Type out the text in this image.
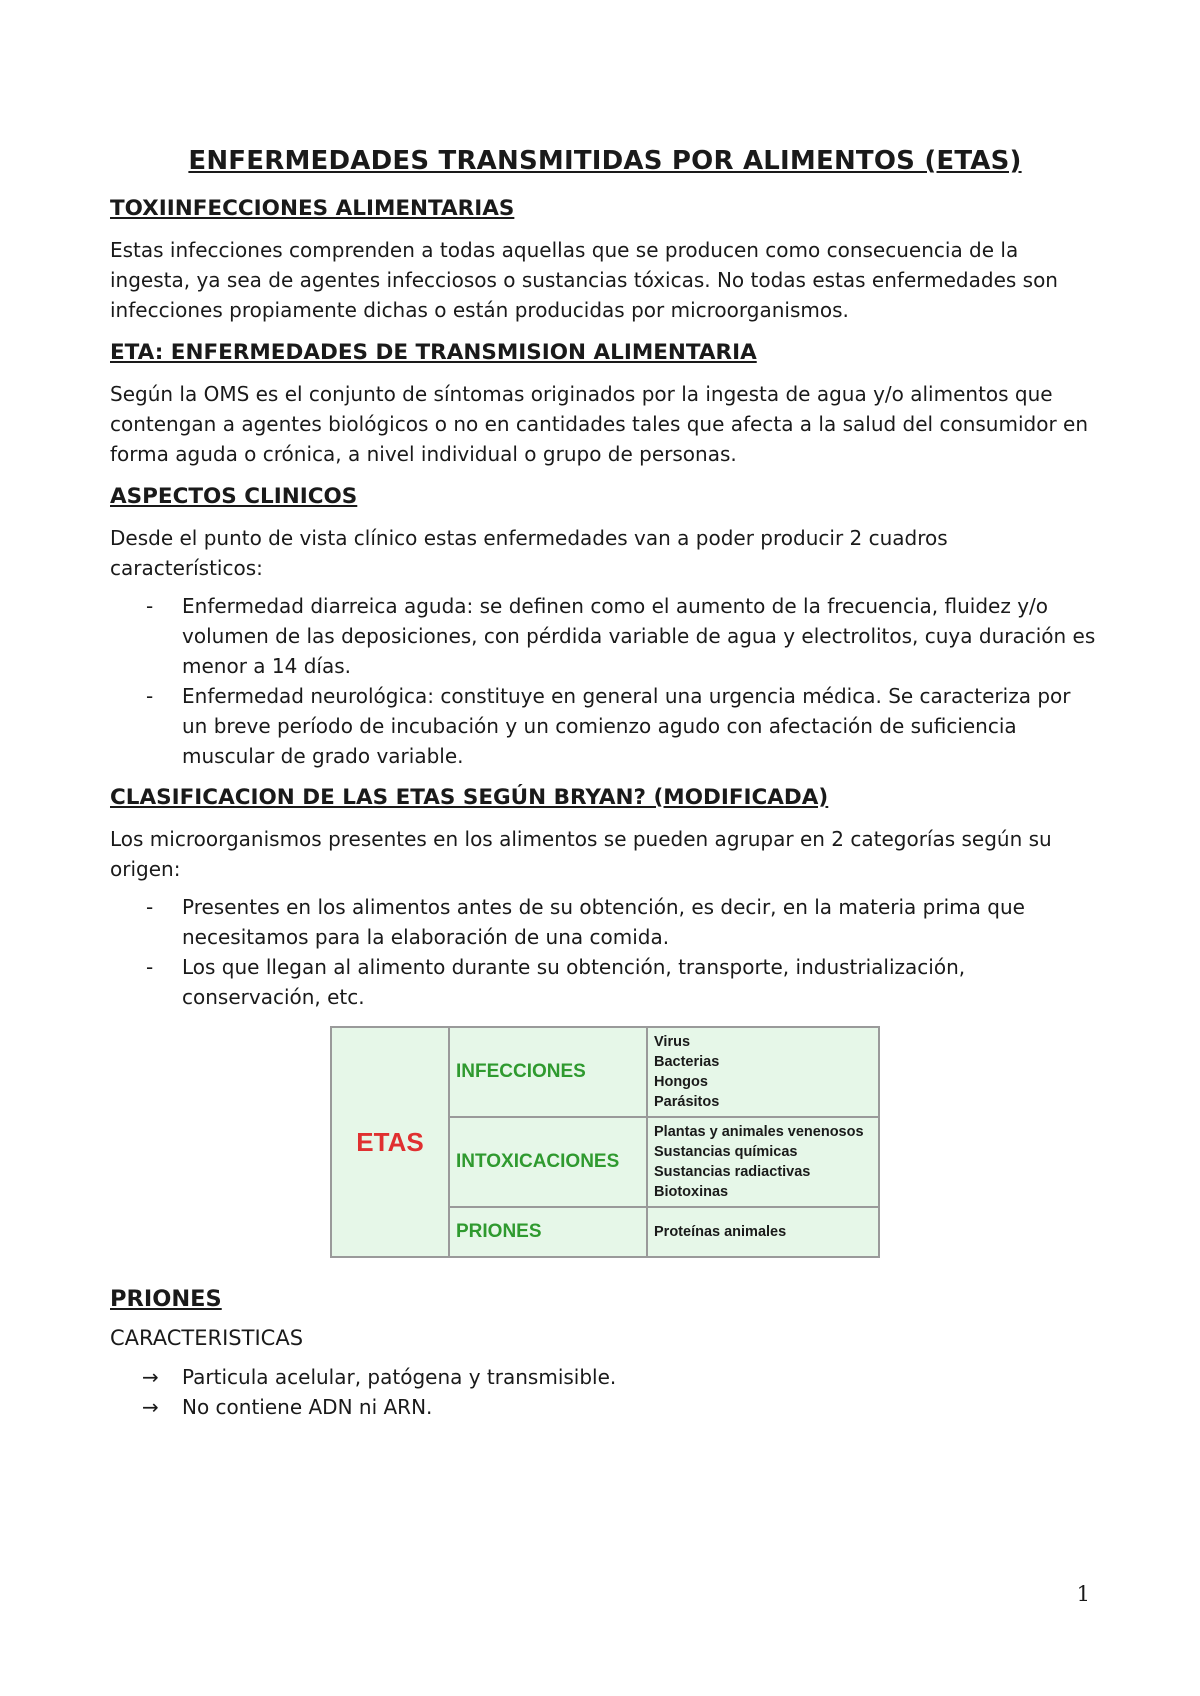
ENFERMEDADES TRANSMITIDAS POR ALIMENTOS (ETAS)
TOXIINFECCIONES ALIMENTARIAS
Estas infecciones comprenden a todas aquellas que se producen como consecuencia de la ingesta, ya sea de agentes infecciosos o sustancias tóxicas. No todas estas enfermedades son infecciones propiamente dichas o están producidas por microorganismos.
ETA: ENFERMEDADES DE TRANSMISION ALIMENTARIA
Según la OMS es el conjunto de síntomas originados por la ingesta de agua y/o alimentos que contengan a agentes biológicos o no en cantidades tales que afecta a la salud del consumidor en forma aguda o crónica, a nivel individual o grupo de personas.
ASPECTOS CLINICOS
Desde el punto de vista clínico estas enfermedades van a poder producir 2 cuadros característicos:
- Enfermedad diarreica aguda: se definen como el aumento de la frecuencia, fluidez y/o volumen de las deposiciones, con pérdida variable de agua y electrolitos, cuya duración es menor a 14 días.
- Enfermedad neurológica: constituye en general una urgencia médica. Se caracteriza por un breve período de incubación y un comienzo agudo con afectación de suficiencia muscular de grado variable.
CLASIFICACION DE LAS ETAS SEGÚN BRYAN? (MODIFICADA)
Los microorganismos presentes en los alimentos se pueden agrupar en 2 categorías según su origen:
- Presentes en los alimentos antes de su obtención, es decir, en la materia prima que necesitamos para la elaboración de una comida.
- Los que llegan al alimento durante su obtención, transporte, industrialización, conservación, etc.
ETAS	INFECCIONES	Virus
Bacterias
Hongos
Parásitos

	INTOXICACIONES	Plantas y animales venenosos
Sustancias químicas
Sustancias radiactivas
Biotoxinas

	PRIONES	Proteínas animales
PRIONES
CARACTERISTICAS
→ Particula acelular, patógena y transmisible.
→ No contiene ADN ni ARN.
1
